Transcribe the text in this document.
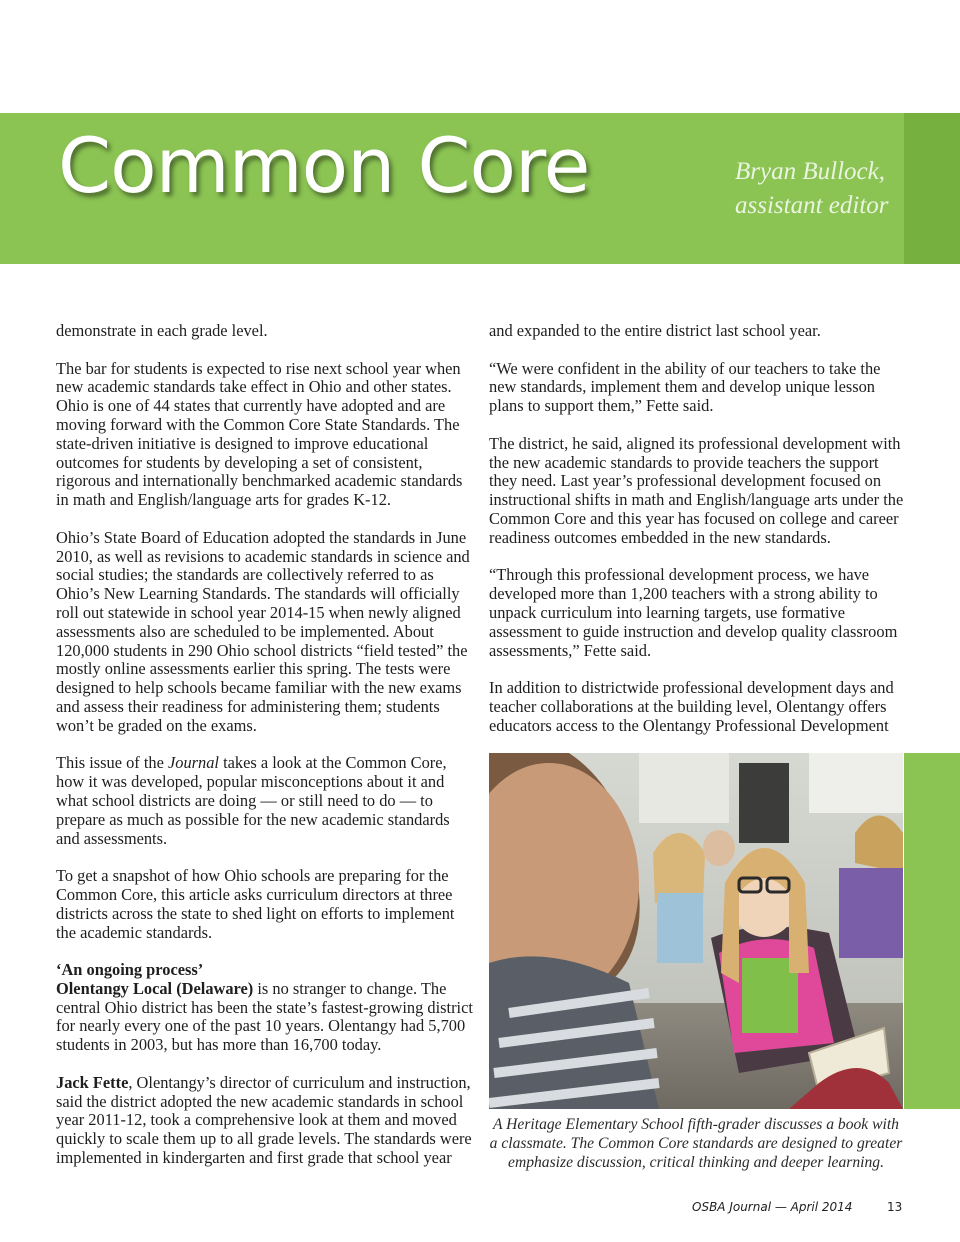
Common Core	Bryan Bullock,
assistant editor

demonstrate in each grade level.

The bar for students is expected to rise next school year when new academic standards take effect in Ohio and other states. Ohio is one of 44 states that currently have adopted and are moving forward with the Common Core State Standards. The state-driven initiative is designed to improve educational outcomes for students by developing a set of consistent, rigorous and internationally benchmarked academic standards in math and English/language arts for grades K-12.

Ohio’s State Board of Education adopted the standards in June 2010, as well as revisions to academic standards in science and social studies; the standards are collectively referred to as Ohio’s New Learning Standards. The standards will officially roll out statewide in school year 2014-15 when newly aligned assessments also are scheduled to be implemented. About 120,000 students in 290 Ohio school districts “field tested” the mostly online assessments earlier this spring. The tests were designed to help schools became familiar with the new exams and assess their readiness for administering them; students won’t be graded on the exams.

This issue of the Journal takes a look at the Common Core, how it was developed, popular misconceptions about it and what school districts are doing — or still need to do — to prepare as much as possible for the new academic standards and assessments.

To get a snapshot of how Ohio schools are preparing for the Common Core, this article asks curriculum directors at three districts across the state to shed light on efforts to implement the academic standards.

‘An ongoing process’
Olentangy Local (Delaware) is no stranger to change. The central Ohio district has been the state’s fastest-growing district for nearly every one of the past 10 years. Olentangy had 5,700 students in 2003, but has more than 16,700 today.

Jack Fette, Olentangy’s director of curriculum and instruction, said the district adopted the new academic standards in school year 2011-12, took a comprehensive look at them and moved quickly to scale them up to all grade levels. The standards were implemented in kindergarten and first grade that school year

and expanded to the entire district last school year.

“We were confident in the ability of our teachers to take the new standards, implement them and develop unique lesson plans to support them,” Fette said.

The district, he said, aligned its professional development with the new academic standards to provide teachers the support they need. Last year’s professional development focused on instructional shifts in math and English/language arts under the Common Core and this year has focused on college and career readiness outcomes embedded in the new standards.

“Through this professional development process, we have developed more than 1,200 teachers with a strong ability to unpack curriculum into learning targets, use formative assessment to guide instruction and develop quality classroom assessments,” Fette said.

In addition to districtwide professional development days and teacher collaborations at the building level, Olentangy offers educators access to the Olentangy Professional Development

A Heritage Elementary School fifth-grader discusses a book with a classmate. The Common Core standards are designed to greater emphasize discussion, critical thinking and deeper learning.
OSBA Journal — April 2014	13
